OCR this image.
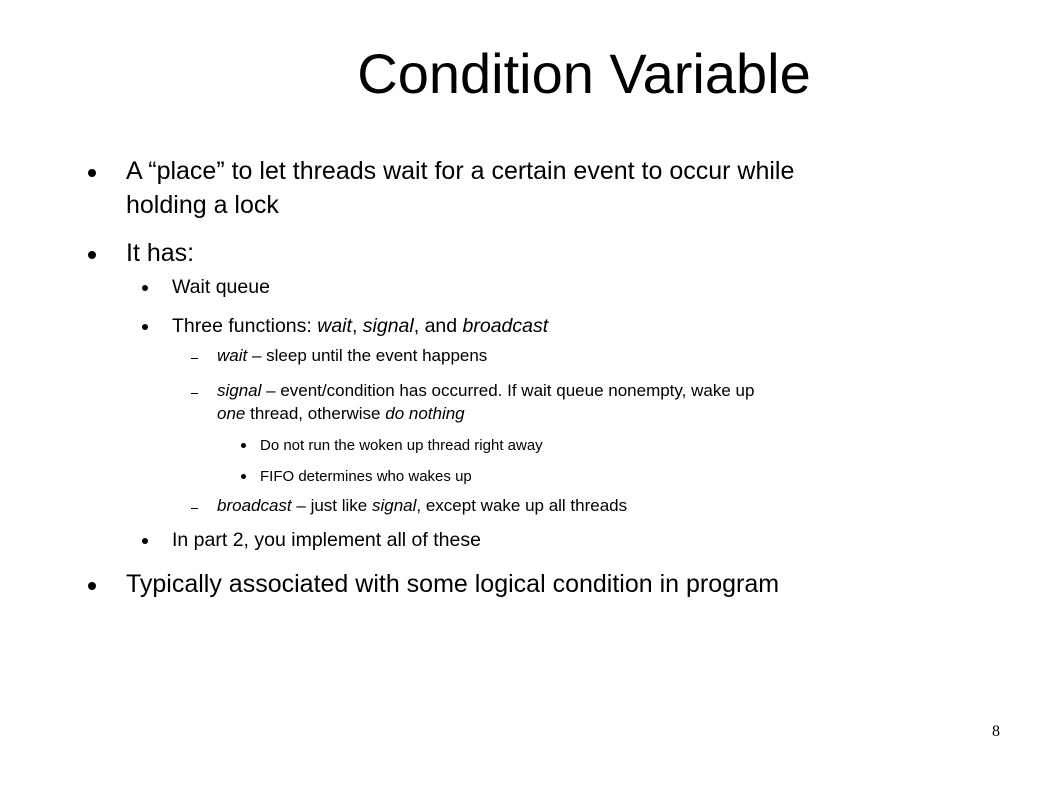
Condition Variable
A “place” to let threads wait for a certain event to occur while
holding a lock
It has:
Wait queue
Three functions: wait, signal, and broadcast
wait – sleep until the event happens
signal – event/condition has occurred. If wait queue nonempty, wake up
one thread, otherwise do nothing
Do not run the woken up thread right away
FIFO determines who wakes up
broadcast – just like signal, except wake up all threads
In part 2, you implement all of these
Typically associated with some logical condition in program
8
